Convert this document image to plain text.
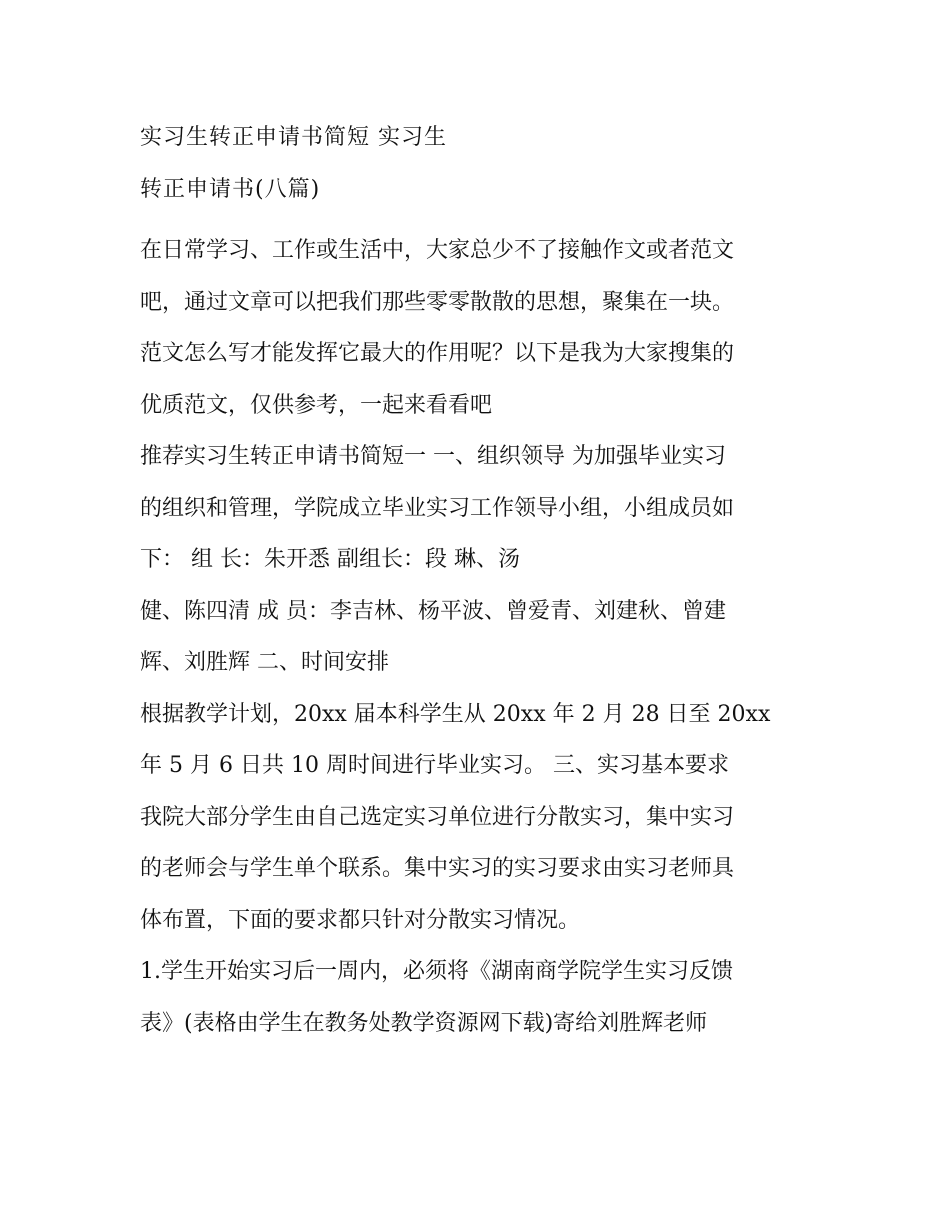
实习生转正申请书简短 实习生
转正申请书(八篇)
在日常学习、工作或生活中，大家总少不了接触作文或者范文
吧，通过文章可以把我们那些零零散散的思想，聚集在一块。
范文怎么写才能发挥它最大的作用呢？以下是我为大家搜集的
优质范文，仅供参考，一起来看看吧
推荐实习生转正申请书简短一 一、组织领导 为加强毕业实习
的组织和管理，学院成立毕业实习工作领导小组，小组成员如
下： 组 长：朱开悉 副组长：段 琳、汤
健、陈四清 成 员：李吉林、杨平波、曾爱青、刘建秋、曾建
辉、刘胜辉 二、时间安排
根据教学计划，20xx 届本科学生从 20xx 年 2 月 28 日至 20xx
年 5 月 6 日共 10 周时间进行毕业实习。 三、实习基本要求
我院大部分学生由自己选定实习单位进行分散实习，集中实习
的老师会与学生单个联系。集中实习的实习要求由实习老师具
体布置，下面的要求都只针对分散实习情况。
1.学生开始实习后一周内，必须将《湖南商学院学生实习反馈
表》(表格由学生在教务处教学资源网下载)寄给刘胜辉老师
